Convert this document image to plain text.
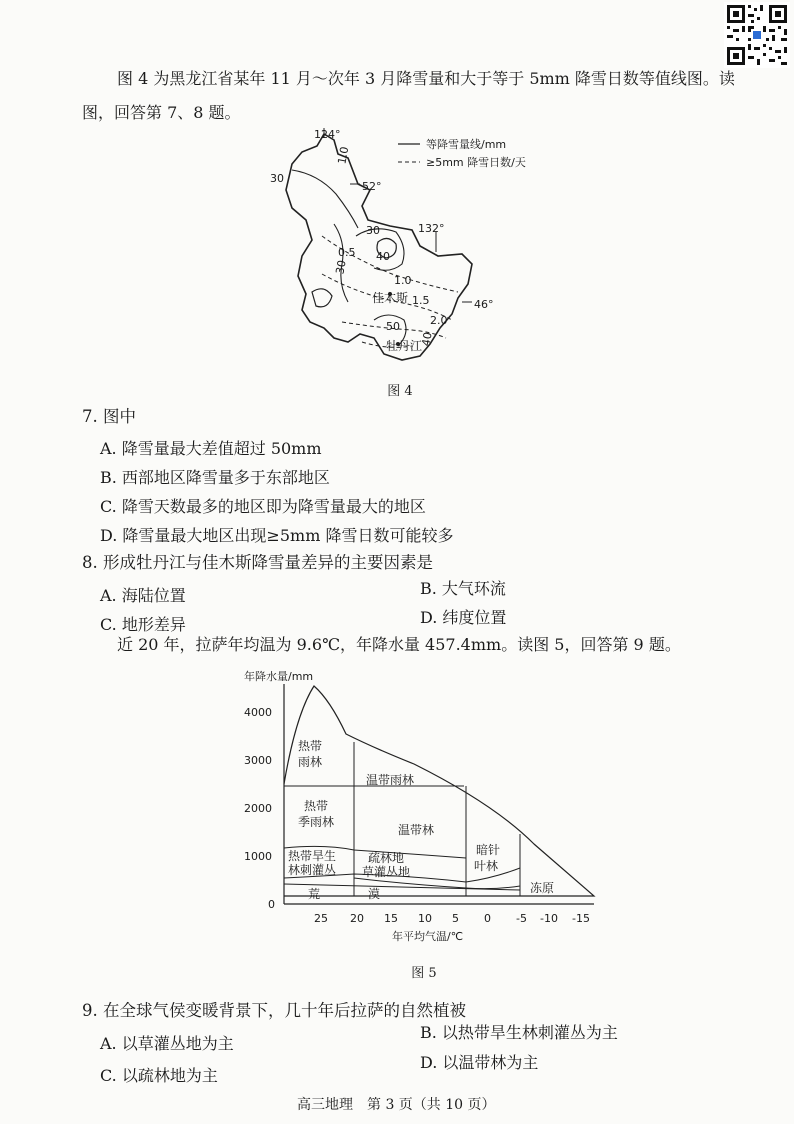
图 4 为黑龙江省某年 11 月～次年 3 月降雪量和大于等于 5mm 降雪日数等值线图。读
图，回答第 7、8 题。
等降雪量线/mm
≥5mm 降雪日数/天
124°
132°
52°
46°
30
1.0
30
40
0.5
30
1.0
1.5
2.0
50
40
佳木斯
牡丹江
图 4
7. 图中
A. 降雪量最大差值超过 50mm
B. 西部地区降雪量多于东部地区
C. 降雪天数最多的地区即为降雪量最大的地区
D. 降雪量最大地区出现≥5mm 降雪日数可能较多
8. 形成牡丹江与佳木斯降雪量差异的主要因素是
A. 海陆位置	B. 大气环流
C. 地形差异	D. 纬度位置
近 20 年，拉萨年均温为 9.6℃，年降水量 457.4mm。读图 5，回答第 9 题。
年降水量/mm
4000
3000
2000
1000
0
25 20 15 10 5 0 -5 -10 -15
年平均气温/℃
热带
雨林
温带雨林
热带
季雨林
温带林
热带旱生
林刺灌丛
疏林地
草灌丛地
暗针
叶林
荒	漠	冻原
图 5
9. 在全球气侯变暖背景下，几十年后拉萨的自然植被
A. 以草灌丛地为主
B. 以热带旱生林刺灌丛为主
C. 以疏林地为主
D. 以温带林为主
高三地理　第 3 页（共 10 页）
